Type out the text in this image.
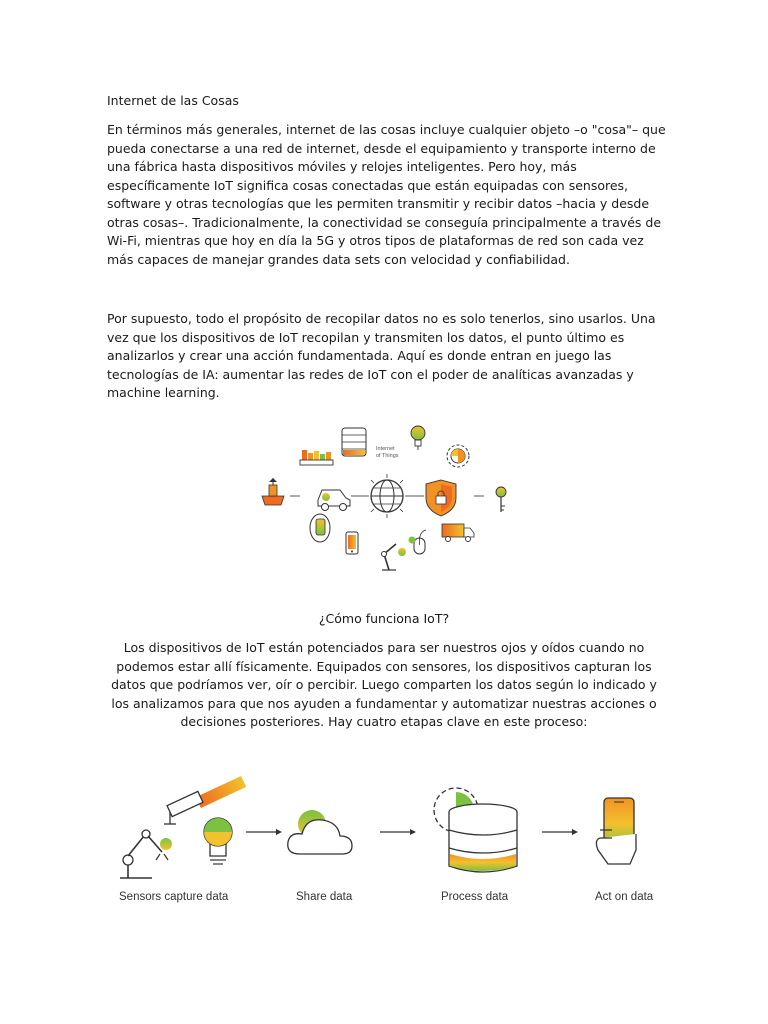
Internet de las Cosas

En términos más generales, internet de las cosas incluye cualquier objeto –o "cosa"– que pueda conectarse a una red de internet, desde el equipamiento y transporte interno de una fábrica hasta dispositivos móviles y relojes inteligentes. Pero hoy, más específicamente IoT significa cosas conectadas que están equipadas con sensores, software y otras tecnologías que les permiten transmitir y recibir datos –hacia y desde otras cosas–. Tradicionalmente, la conectividad se conseguía principalmente a través de Wi-Fi, mientras que hoy en día la 5G y otros tipos de plataformas de red son cada vez más capaces de manejar grandes data sets con velocidad y confiabilidad.

Por supuesto, todo el propósito de recopilar datos no es solo tenerlos, sino usarlos. Una vez que los dispositivos de IoT recopilan y transmiten los datos, el punto último es analizarlos y crear una acción fundamentada. Aquí es donde entran en juego las tecnologías de IA: aumentar las redes de IoT con el poder de analíticas avanzadas y machine learning.

Internet
of Things
¿Cómo funciona IoT?

Los dispositivos de IoT están potenciados para ser nuestros ojos y oídos cuando no podemos estar allí físicamente. Equipados con sensores, los dispositivos capturan los datos que podríamos ver, oír o percibir. Luego comparten los datos según lo indicado y los analizamos para que nos ayuden a fundamentar y automatizar nuestras acciones o decisiones posteriores. Hay cuatro etapas clave en este proceso:

Sensors capture data	Share data	Process data	Act on data
